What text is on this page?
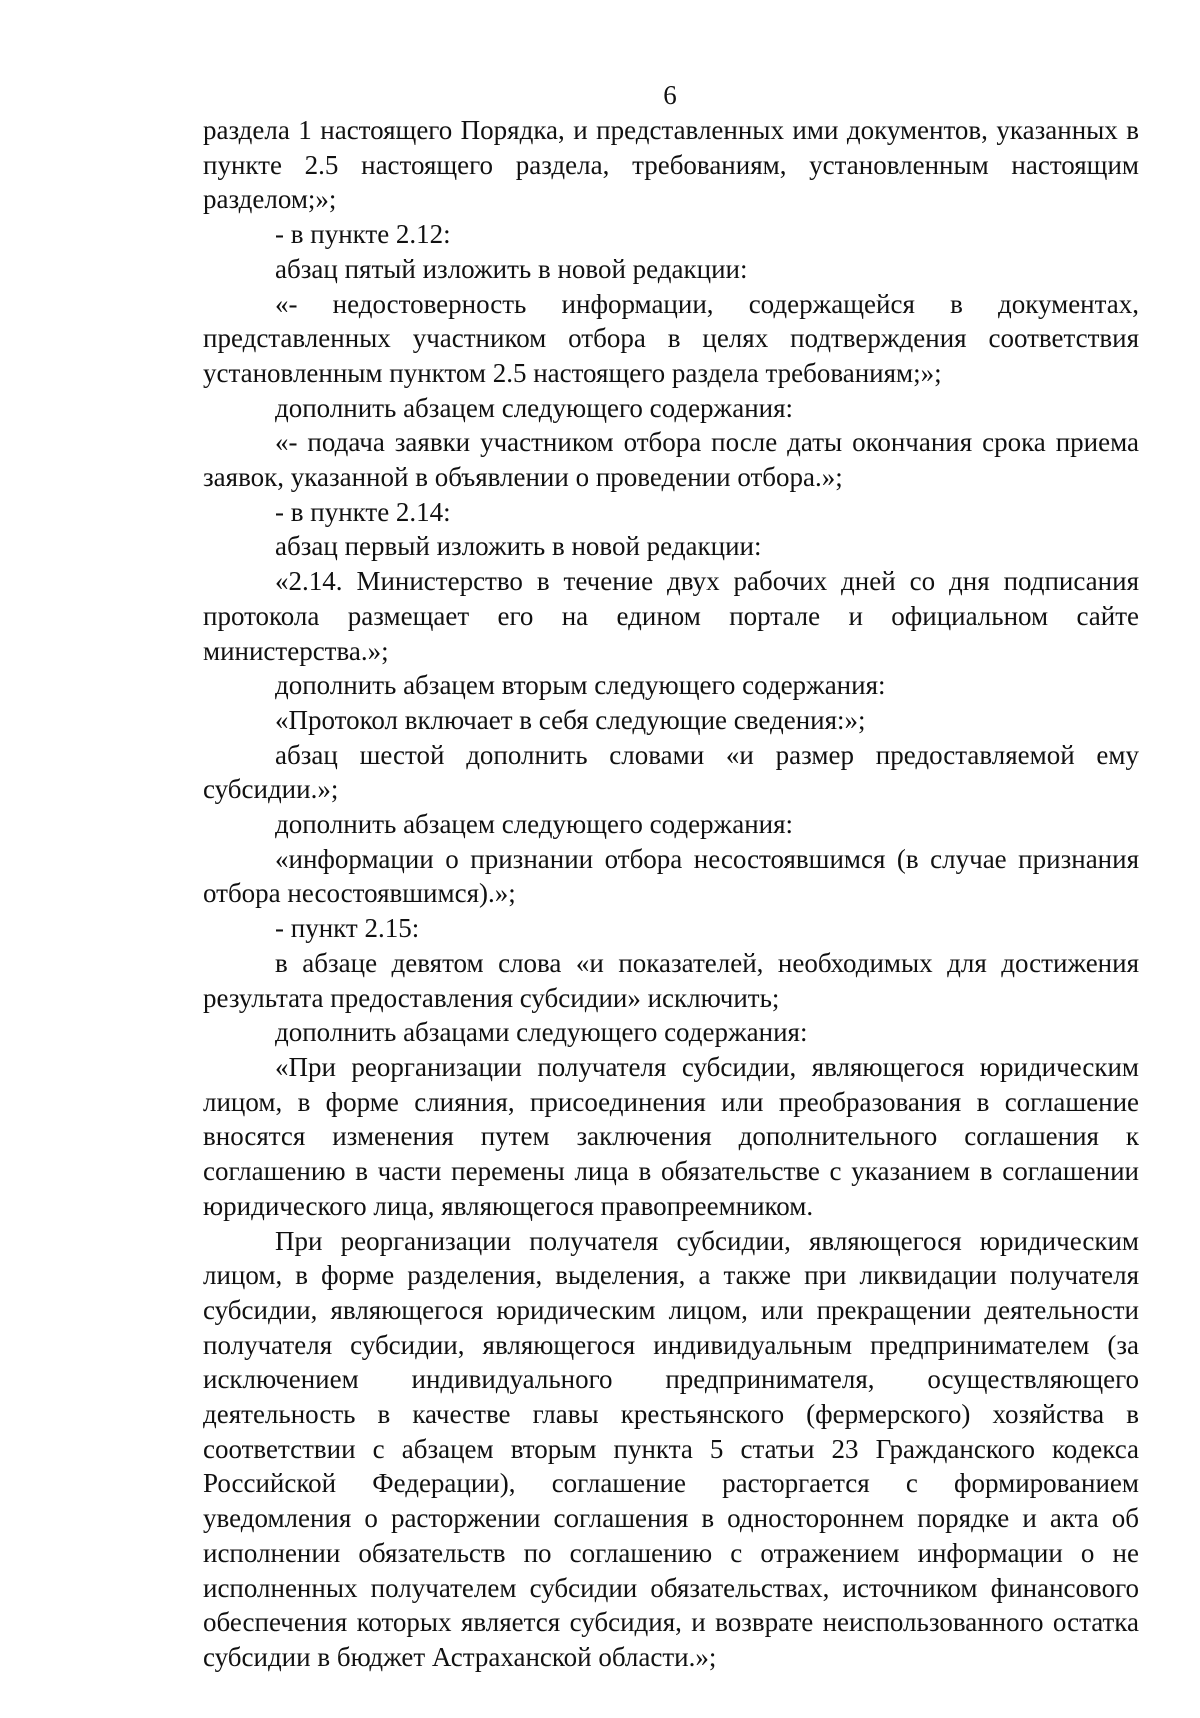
6

раздела 1 настоящего Порядка, и представленных ими документов, указанных в пункте 2.5 настоящего раздела, требованиям, установленным настоящим разделом;»;

- в пункте 2.12:

абзац пятый изложить в новой редакции:

«- недостоверность информации, содержащейся в документах, представленных участником отбора в целях подтверждения соответствия установленным пунктом 2.5 настоящего раздела требованиям;»;

дополнить абзацем следующего содержания:

«- подача заявки участником отбора после даты окончания срока приема заявок, указанной в объявлении о проведении отбора.»;

- в пункте 2.14:

абзац первый изложить в новой редакции:

«2.14. Министерство в течение двух рабочих дней со дня подписания протокола размещает его на едином портале и официальном сайте министерства.»;

дополнить абзацем вторым следующего содержания:

«Протокол включает в себя следующие сведения:»;

абзац шестой дополнить словами «и размер предоставляемой ему субсидии.»;

дополнить абзацем следующего содержания:

«информации о признании отбора несостоявшимся (в случае признания отбора несостоявшимся).»;

- пункт 2.15:

в абзаце девятом слова «и показателей, необходимых для достижения результата предоставления субсидии» исключить;

дополнить абзацами следующего содержания:

«При реорганизации получателя субсидии, являющегося юридическим лицом, в форме слияния, присоединения или преобразования в соглашение вносятся изменения путем заключения дополнительного соглашения к соглашению в части перемены лица в обязательстве с указанием в соглашении юридического лица, являющегося правопреемником.

При реорганизации получателя субсидии, являющегося юридическим лицом, в форме разделения, выделения, а также при ликвидации получателя субсидии, являющегося юридическим лицом, или прекращении деятельности получателя субсидии, являющегося индивидуальным предпринимателем (за исключением индивидуального предпринимателя, осуществляющего деятельность в качестве главы крестьянского (фермерского) хозяйства в соответствии с абзацем вторым пункта 5 статьи 23 Гражданского кодекса Российской Федерации), соглашение расторгается с формированием уведомления о расторжении соглашения в одностороннем порядке и акта об исполнении обязательств по соглашению с отражением информации о не исполненных получателем субсидии обязательствах, источником финансового обеспечения которых является субсидия, и возврате неиспользованного остатка субсидии в бюджет Астраханской области.»;
